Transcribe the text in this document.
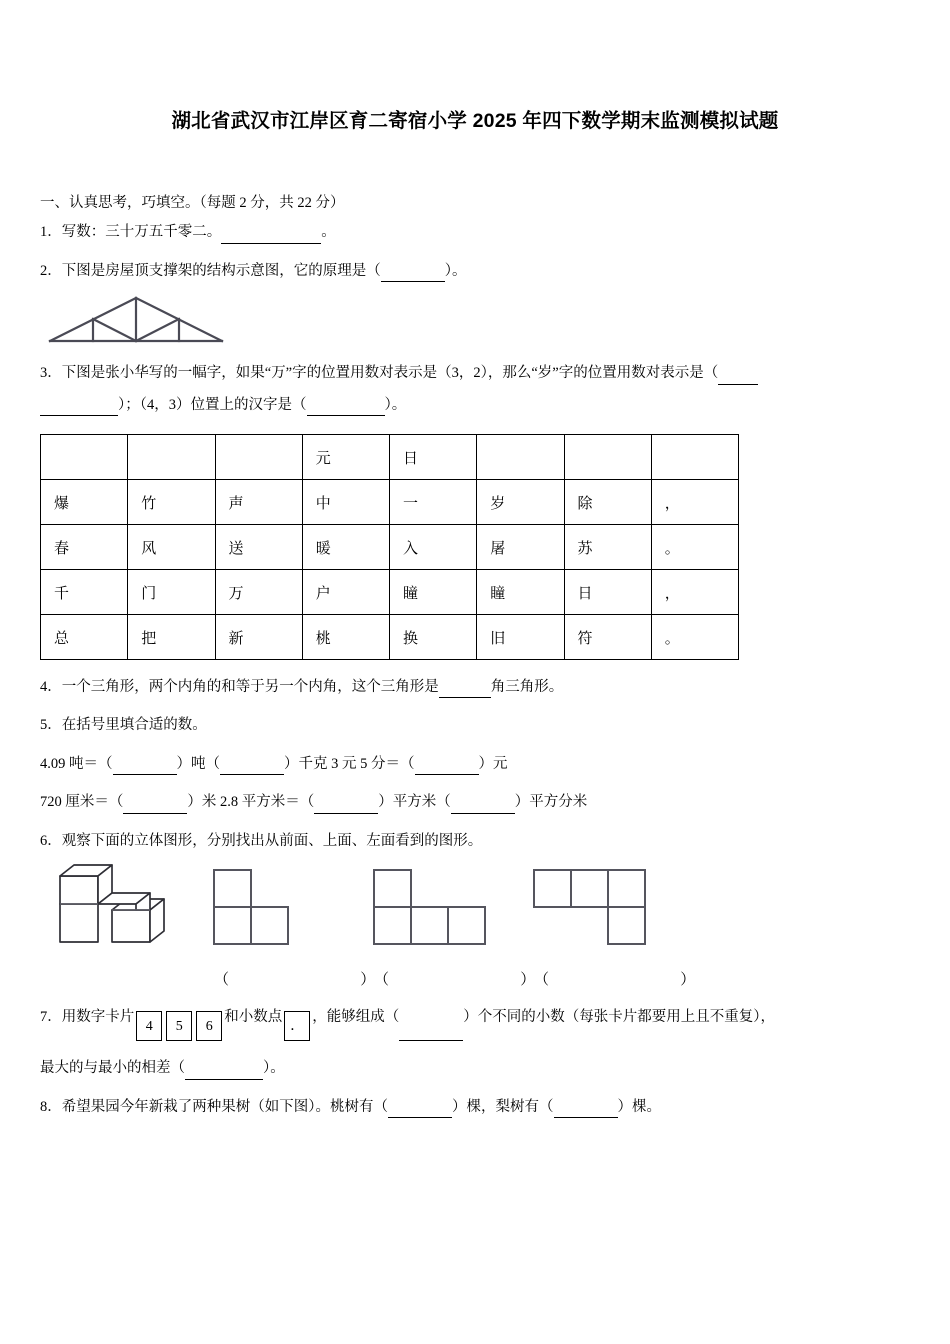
湖北省武汉市江岸区育二寄宿小学 2025 年四下数学期末监测模拟试题
一、认真思考，巧填空。（每题 2 分，共 22 分）
1．写数：三十万五千零二。	。
2．下图是房屋顶支撑架的结构示意图，它的原理是（	）。
3．下图是张小华写的一幅字，如果“万”字的位置用数对表示是（3，2），那么“岁”字的位置用数对表示是（
）；（4，3）位置上的汉字是（	）。
			元	日			
爆	竹	声	中	一	岁	除	，
春	风	送	暖	入	屠	苏	。
千	门	万	户	瞳	瞳	日	，
总	把	新	桃	换	旧	符	。
4．一个三角形，两个内角的和等于另一个内角，这个三角形是	角三角形。
5．在括号里填合适的数。
4.09 吨＝（	）吨（	）千克 3 元 5 分＝（	）元
720 厘米＝（	）米 2.8 平方米＝（	）平方米（	）平方分米
6．观察下面的立体图形，分别找出从前面、上面、左面看到的图形。
（   ）
（   ）
（   ）
7．用数字卡片4 5 6和小数点．，能够组成（	）个不同的小数（每张卡片都要用上且不重复），
最大的与最小的相差（	）。
8．希望果园今年新栽了两种果树（如下图）。桃树有（	）棵，梨树有（	）棵。
